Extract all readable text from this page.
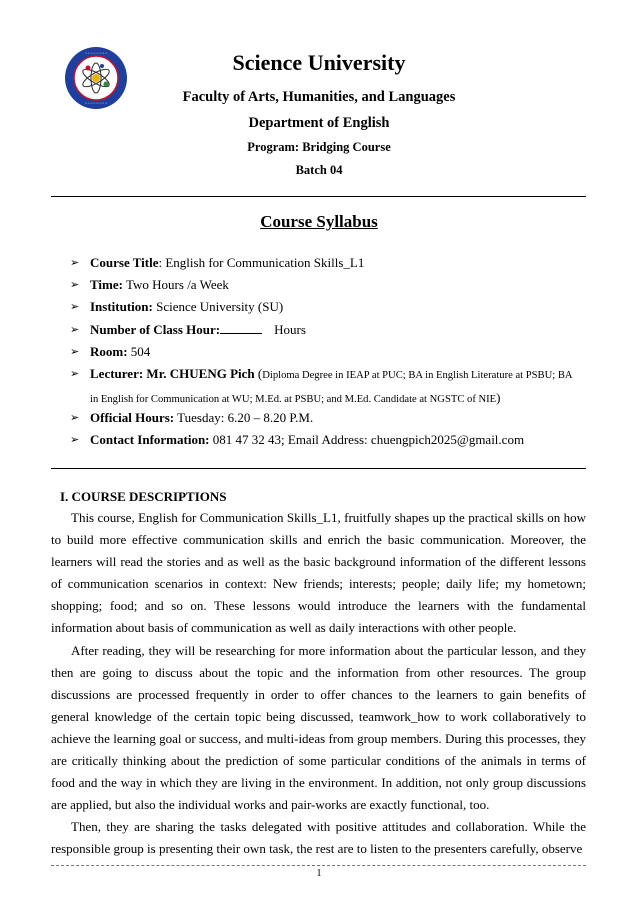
◦◦◦◦◦◦◦◦
◦◦◦◦◦◦◦◦
Science University
Faculty of Arts, Humanities, and Languages
Department of English
Program: Bridging Course
Batch 04
Course Syllabus
➢ Course Title: English for Communication Skills_L1
➢ Time: Two Hours /a Week
➢ Institution: Science University (SU)
➢ Number of Class Hour:	Hours
➢ Room: 504
➢ Lecturer: Mr. CHUENG Pich (Diploma Degree in IEAP at PUC; BA in English Literature at PSBU; BA
in English for Communication at WU; M.Ed. at PSBU; and M.Ed. Candidate at NGSTC of NIE)
➢ Official Hours: Tuesday: 6.20 – 8.20 P.M.
➢ Contact Information: 081 47 32 43; Email Address: chuengpich2025@gmail.com
I. COURSE DESCRIPTIONS

This course, English for Communication Skills_L1, fruitfully shapes up the practical skills on how to build more effective communication skills and enrich the basic communication. Moreover, the learners will read the stories and as well as the basic background information of the different lessons of communication scenarios in context: New friends; interests; people; daily life; my hometown; shopping; food; and so on. These lessons would introduce the learners with the fundamental information about basis of communication as well as daily interactions with other people.

After reading, they will be researching for more information about the particular lesson, and they then are going to discuss about the topic and the information from other resources. The group discussions are processed frequently in order to offer chances to the learners to gain benefits of general knowledge of the certain topic being discussed, teamwork_how to work collaboratively to achieve the learning goal or success, and multi-ideas from group members. During this processes, they are critically thinking about the prediction of some particular conditions of the animals in terms of food and the way in which they are living in the environment. In addition, not only group discussions are applied, but also the individual works and pair-works are exactly functional, too.

Then, they are sharing the tasks delegated with positive attitudes and collaboration. While the responsible group is presenting their own task, the rest are to listen to the presenters carefully, observe

1
